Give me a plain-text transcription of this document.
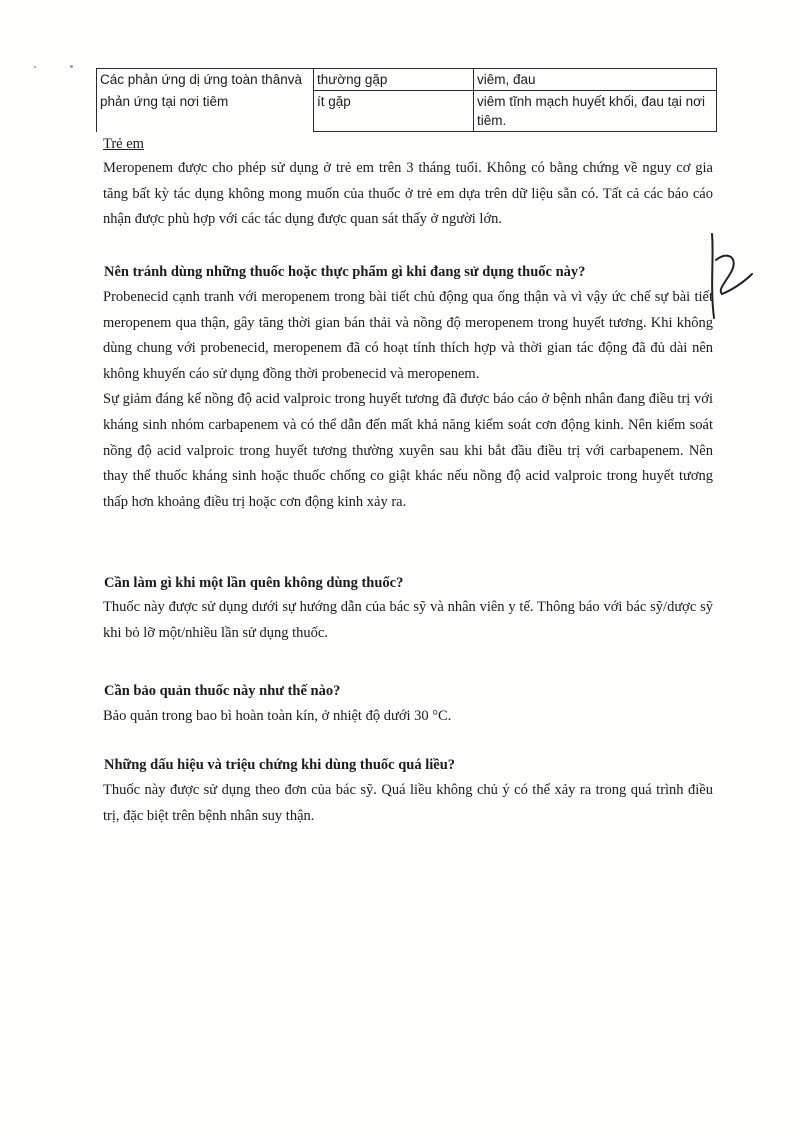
Các phản ứng dị ứng toàn thânvà	thường gặp	viêm, đau
phản ứng tại nơi tiêm	ít gặp	viêm tĩnh mạch huyết khối, đau tại nơi tiêm.
Trẻ em

Meropenem được cho phép sử dụng ở trẻ em trên 3 tháng tuổi. Không có bằng chứng về nguy cơ gia tăng bất kỳ tác dụng không mong muốn của thuốc ở trẻ em dựa trên dữ liệu sẵn có. Tất cả các báo cáo nhận được phù hợp với các tác dụng được quan sát thấy ở người lớn.

Nên tránh dùng những thuốc hoặc thực phẩm gì khi đang sử dụng thuốc này?

Probenecid cạnh tranh với meropenem trong bài tiết chủ động qua ống thận và vì vậy ức chế sự bài tiết meropenem qua thận, gây tăng thời gian bán thải và nồng độ meropenem trong huyết tương. Khi không dùng chung với probenecid, meropenem đã có hoạt tính thích hợp và thời gian tác động đã đủ dài nên không khuyến cáo sử dụng đồng thời probenecid và meropenem.

Sự giảm đáng kể nồng độ acid valproic trong huyết tương đã được báo cáo ở bệnh nhân đang điều trị với kháng sinh nhóm carbapenem và có thể dẫn đến mất khả năng kiểm soát cơn động kinh. Nên kiểm soát nồng độ acid valproic trong huyết tương thường xuyên sau khi bắt đầu điều trị với carbapenem. Nên thay thế thuốc kháng sinh hoặc thuốc chống co giật khác nếu nồng độ acid valproic trong huyết tương thấp hơn khoảng điều trị hoặc cơn động kinh xảy ra.

Cần làm gì khi một lần quên không dùng thuốc?

Thuốc này được sử dụng dưới sự hướng dẫn của bác sỹ và nhân viên y tế. Thông báo với bác sỹ/dược sỹ khi bỏ lỡ một/nhiều lần sử dụng thuốc.

Cần bảo quản thuốc này như thế nào?

Bảo quản trong bao bì hoàn toàn kín, ở nhiệt độ dưới 30 °C.

Những dấu hiệu và triệu chứng khi dùng thuốc quá liều?

Thuốc này được sử dụng theo đơn của bác sỹ. Quá liều không chủ ý có thể xảy ra trong quá trình điều trị, đặc biệt trên bệnh nhân suy thận.
